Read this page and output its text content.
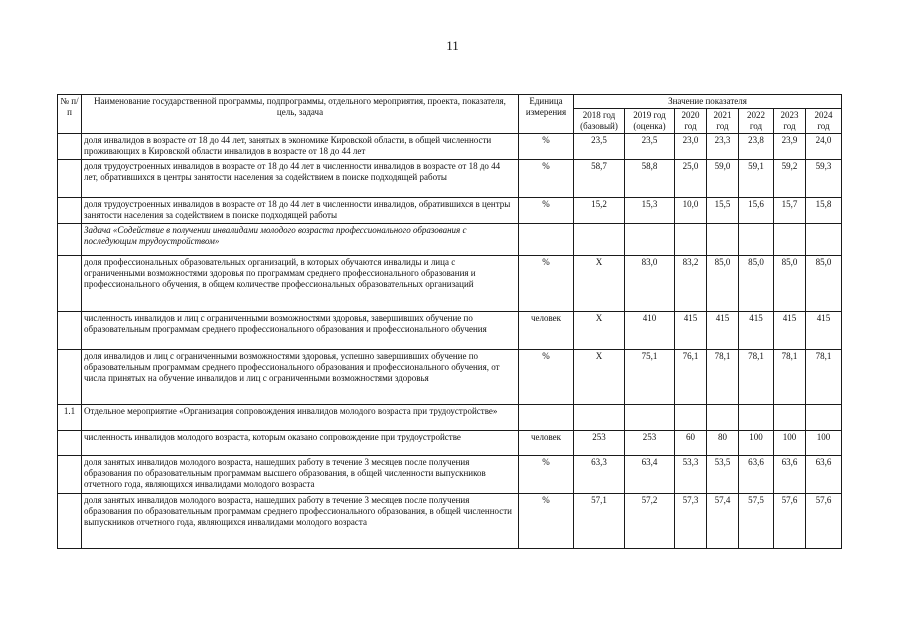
11
№ п/п	Наименование государственной программы, подпрограммы, отдельного мероприятия, проекта, показателя, цель, задача	Единица измерения	Значение показателя						
			2018 год (базовый)	2019 год (оценка)	2020 год	2021 год	2022 год	2023 год	2024 год
	доля инвалидов в возрасте от 18 до 44 лет, занятых в экономике Кировской области, в общей численности проживающих в Кировской области инвалидов в возрасте от 18 до 44 лет	%	23,5	23,5	23,0	23,3	23,8	23,9	24,0
	доля трудоустроенных инвалидов в возрасте от 18 до 44 лет в численности инвалидов в возрасте от 18 до 44 лет, обратившихся в центры занятости населения за содействием в поиске подходящей работы	%	58,7	58,8	25,0	59,0	59,1	59,2	59,3
	доля трудоустроенных инвалидов в возрасте от 18 до 44 лет в численности инвалидов, обратившихся в центры занятости населения за содействием в поиске подходящей работы	%	15,2	15,3	10,0	15,5	15,6	15,7	15,8
	Задача «Содействие в получении инвалидами молодого возраста профессионального образования с последующим трудоустройством»								
	доля профессиональных образовательных организаций, в которых обучаются инвалиды и лица с ограниченными возможностями здоровья по программам среднего профессионального образования и профессионального обучения, в общем количестве профессиональных образовательных организаций	%	X	83,0	83,2	85,0	85,0	85,0	85,0
	численность инвалидов и лиц с ограниченными возможностями здоровья, завершивших обучение по образовательным программам среднего профессионального образования и профессионального обучения	человек	X	410	415	415	415	415	415
	доля инвалидов и лиц с ограниченными возможностями здоровья, успешно завершивших обучение по образовательным программам среднего профессионального образования и профессионального обучения, от числа принятых на обучение инвалидов и лиц с ограниченными возможностями здоровья	%	X	75,1	76,1	78,1	78,1	78,1	78,1
1.1	Отдельное мероприятие «Организация сопровождения инвалидов молодого возраста при трудоустройстве»								
	численность инвалидов молодого возраста, которым оказано сопровождение при трудоустройстве	человек	253	253	60	80	100	100	100
	доля занятых инвалидов молодого возраста, нашедших работу в течение 3 месяцев после получения образования по образовательным программам высшего образования, в общей численности выпускников отчетного года, являющихся инвалидами молодого возраста	%	63,3	63,4	53,3	53,5	63,6	63,6	63,6
	доля занятых инвалидов молодого возраста, нашедших работу в течение 3 месяцев после получения образования по образовательным программам среднего профессионального образования, в общей численности выпускников отчетного года, являющихся инвалидами молодого возраста	%	57,1	57,2	57,3	57,4	57,5	57,6	57,6
